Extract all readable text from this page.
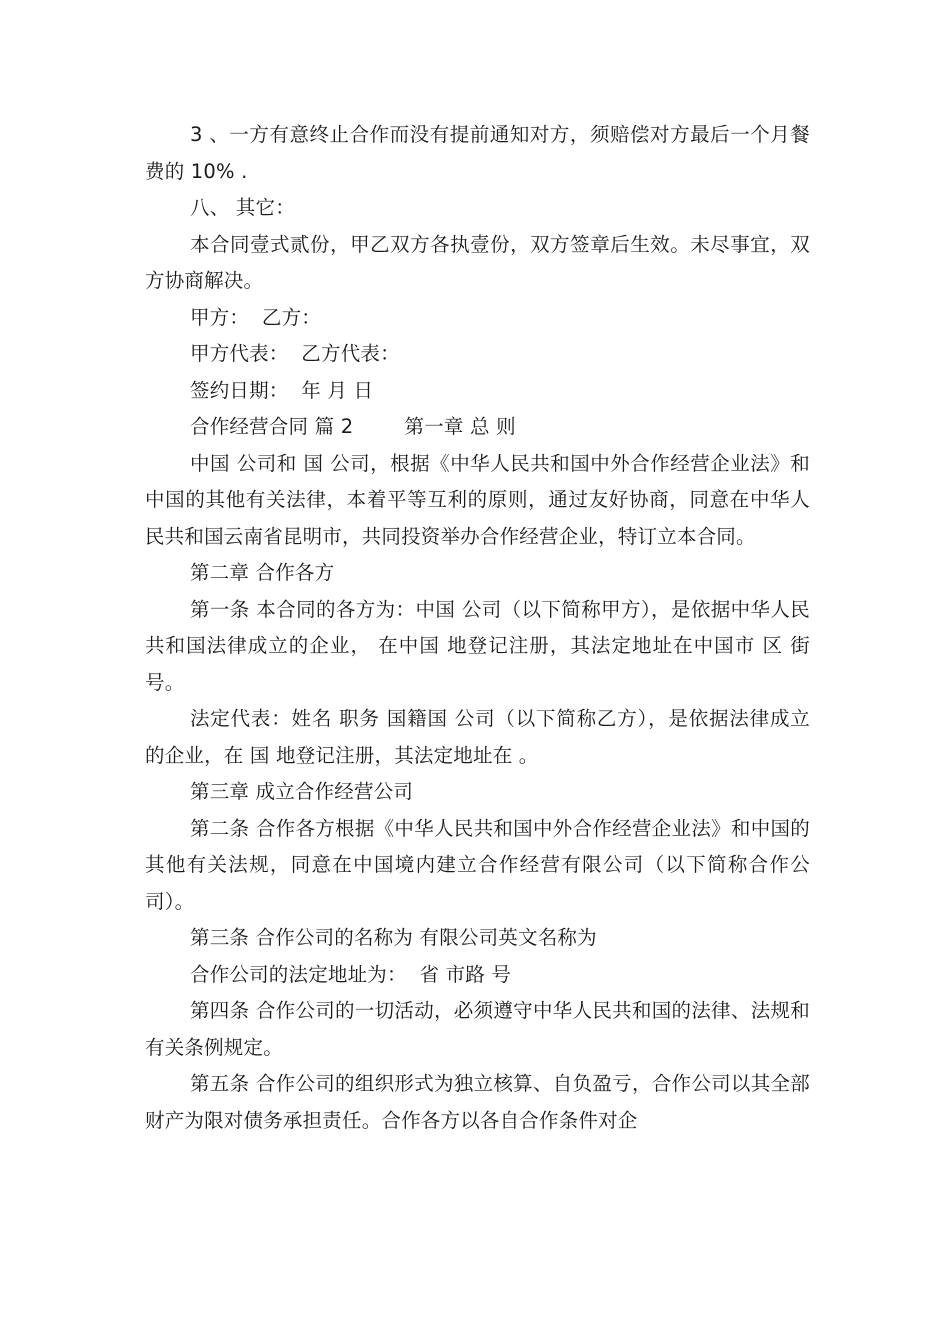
3 、一方有意终止合作而没有提前通知对方，须赔偿对方最后一个月餐费的 10% .

八、 其它：

本合同壹式贰份，甲乙双方各执壹份，双方签章后生效。未尽事宜，双方协商解决。

甲方：  乙方：

甲方代表：  乙方代表：

签约日期：  年 月 日

合作经营合同 篇 2        第一章 总 则

中国 公司和 国 公司，根据《中华人民共和国中外合作经营企业法》和中国的其他有关法律，本着平等互利的原则，通过友好协商，同意在中华人民共和国云南省昆明市，共同投资举办合作经营企业，特订立本合同。

第二章 合作各方

第一条 本合同的各方为：中国 公司（以下简称甲方），是依据中华人民共和国法律成立的企业， 在中国 地登记注册，其法定地址在中国市 区 街 号。

法定代表：姓名 职务 国籍国 公司（以下简称乙方），是依据法律成立的企业，在 国 地登记注册，其法定地址在 。

第三章 成立合作经营公司

第二条 合作各方根据《中华人民共和国中外合作经营企业法》和中国的其他有关法规，同意在中国境内建立合作经营有限公司（以下简称合作公司）。

第三条 合作公司的名称为 有限公司英文名称为

合作公司的法定地址为：  省 市路 号

第四条 合作公司的一切活动，必须遵守中华人民共和国的法律、法规和有关条例规定。

第五条 合作公司的组织形式为独立核算、自负盈亏，合作公司以其全部财产为限对债务承担责任。合作各方以各自合作条件对企
